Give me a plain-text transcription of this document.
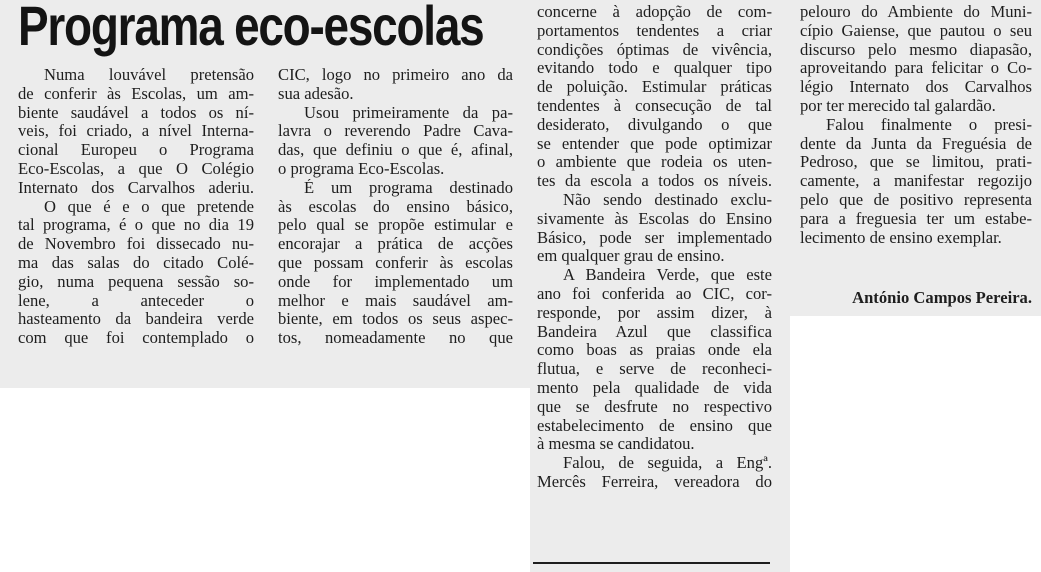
Programa eco-escolas
Numa louvável pretensão
de conferir às Escolas, um am-
biente saudável a todos os ní-
veis, foi criado, a nível Interna-
cional Europeu o Programa
Eco-Escolas, a que O Colégio
Internato dos Carvalhos aderiu.
O que é e o que pretende
tal programa, é o que no dia 19
de Novembro foi dissecado nu-
ma das salas do citado Colé-
gio, numa pequena sessão so-
lene, a anteceder o
hasteamento da bandeira verde
com que foi contemplado o
CIC, logo no primeiro ano da
sua adesão.
Usou primeiramente da pa-
lavra o reverendo Padre Cava-
das, que definiu o que é, afinal,
o programa Eco-Escolas.
É um programa destinado
às escolas do ensino básico,
pelo qual se propõe estimular e
encorajar a prática de acções
que possam conferir às escolas
onde for implementado um
melhor e mais saudável am-
biente, em todos os seus aspec-
tos, nomeadamente no que
concerne à adopção de com-
portamentos tendentes a criar
condições óptimas de vivência,
evitando todo e qualquer tipo
de poluição. Estimular práticas
tendentes à consecução de tal
desiderato, divulgando o que
se entender que pode optimizar
o ambiente que rodeia os uten-
tes da escola a todos os níveis.
Não sendo destinado exclu-
sivamente às Escolas do Ensino
Básico, pode ser implementado
em qualquer grau de ensino.
A Bandeira Verde, que este
ano foi conferida ao CIC, cor-
responde, por assim dizer, à
Bandeira Azul que classifica
como boas as praias onde ela
flutua, e serve de reconheci-
mento pela qualidade de vida
que se desfrute no respectivo
estabelecimento de ensino que
à mesma se candidatou.
Falou, de seguida, a Engª.
Mercês Ferreira, vereadora do
pelouro do Ambiente do Muni-
cípio Gaiense, que pautou o seu
discurso pelo mesmo diapasão,
aproveitando para felicitar o Co-
légio Internato dos Carvalhos
por ter merecido tal galardão.
Falou finalmente o presi-
dente da Junta da Freguésia de
Pedroso, que se limitou, prati-
camente, a manifestar regozijo
pelo que de positivo representa
para a freguesia ter um estabe-
lecimento de ensino exemplar.
António Campos Pereira.
